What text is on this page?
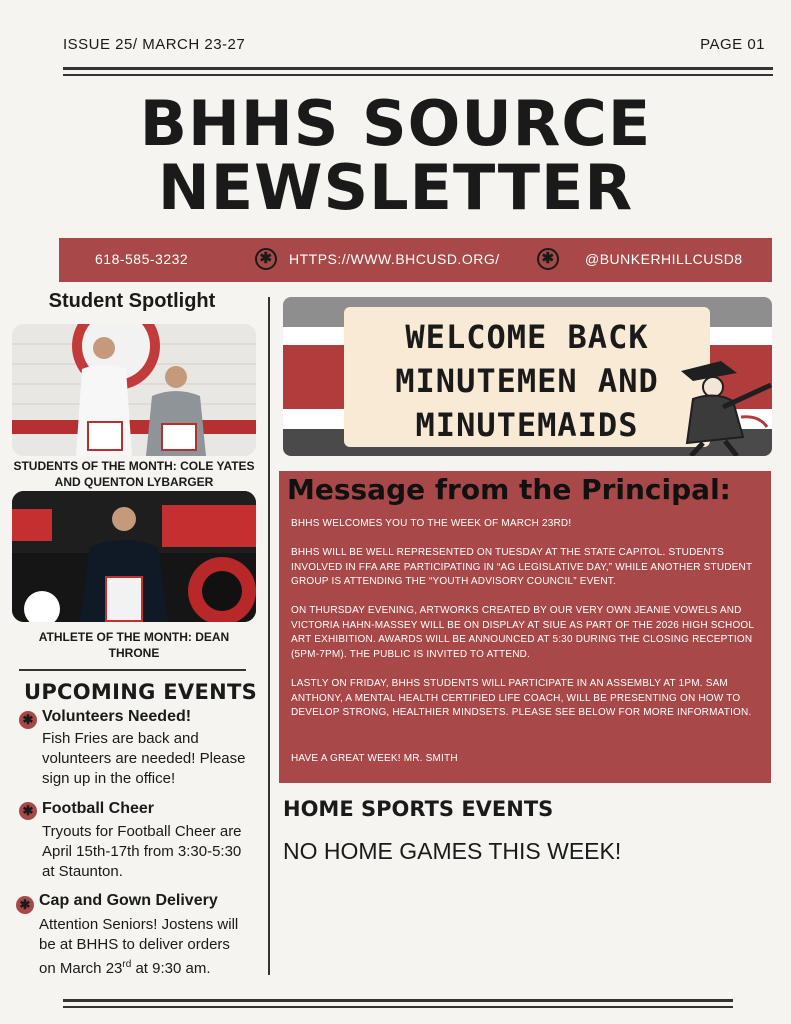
ISSUE 25/ MARCH 23-27	PAGE 01
BHHS SOURCE
NEWSLETTER
618-585-3232	✱	HTTPS://WWW.BHCUSD.ORG/	✱	@BUNKERHILLCUSD8
Student Spotlight
STUDENTS OF THE MONTH: COLE YATES AND QUENTON LYBARGER
ATHLETE OF THE MONTH: DEAN THRONE
UPCOMING EVENTS
✱ Volunteers Needed!
Fish Fries are back and volunteers are needed! Please sign up in the office!
✱ Football Cheer
Tryouts for Football Cheer are April 15th-17th from 3:30-5:30 at Staunton.
✱ Cap and Gown Delivery
Attention Seniors! Jostens will be at BHHS to deliver orders on March 23rd at 9:30 am.
WELCOME BACK
MINUTEMEN AND
MINUTEMAIDS
Message from the Principal:
BHHS WELCOMES YOU TO THE WEEK OF MARCH 23RD!
BHHS WILL BE WELL REPRESENTED ON TUESDAY AT THE STATE CAPITOL. STUDENTS INVOLVED IN FFA ARE PARTICIPATING IN “AG LEGISLATIVE DAY,” WHILE ANOTHER STUDENT GROUP IS ATTENDING THE “YOUTH ADVISORY COUNCIL” EVENT.
ON THURSDAY EVENING, ARTWORKS CREATED BY OUR VERY OWN JEANIE VOWELS AND VICTORIA HAHN-MASSEY WILL BE ON DISPLAY AT SIUE AS PART OF THE 2026 HIGH SCHOOL ART EXHIBITION. AWARDS WILL BE ANNOUNCED AT 5:30 DURING THE CLOSING RECEPTION (5PM-7PM). THE PUBLIC IS INVITED TO ATTEND.
LASTLY ON FRIDAY, BHHS STUDENTS WILL PARTICIPATE IN AN ASSEMBLY AT 1PM. SAM ANTHONY, A MENTAL HEALTH CERTIFIED LIFE COACH, WILL BE PRESENTING ON HOW TO DEVELOP STRONG, HEALTHIER MINDSETS. PLEASE SEE BELOW FOR MORE INFORMATION.
HAVE A GREAT WEEK! MR. SMITH
HOME SPORTS EVENTS
NO HOME GAMES THIS WEEK!
